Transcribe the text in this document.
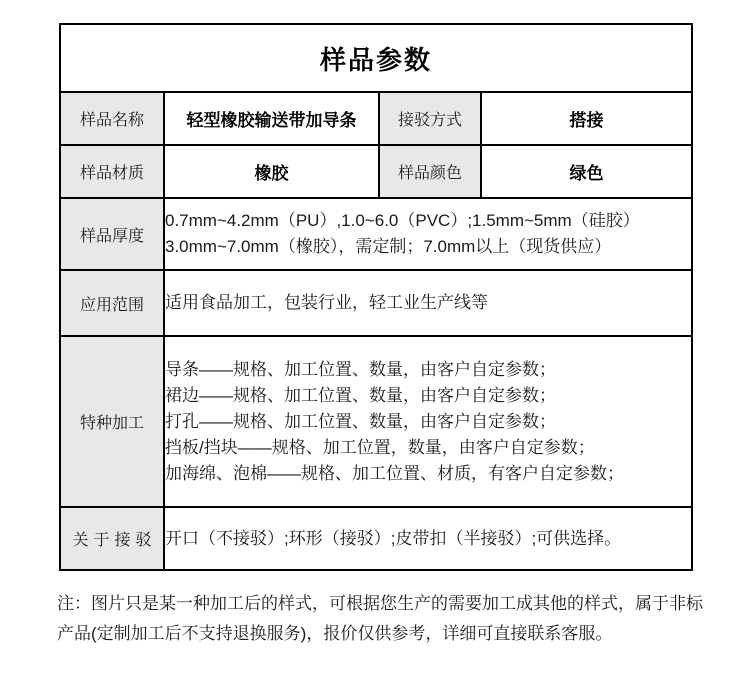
样品参数			
样品名称	轻型橡胶输送带加导条	接驳方式	搭接
样品材质	橡胶	样品颜色	绿色
样品厚度	0.7mm~4.2mm（PU）,1.0~6.0（PVC）;1.5mm~5mm（硅胶）
3.0mm~7.0mm（橡胶），需定制；7.0mm以上（现货供应）		

应用范围	适用食品加工，包装行业，轻工业生产线等		
特种加工	导条——规格、加工位置、数量，由客户自定参数；
裙边——规格、加工位置、数量，由客户自定参数；
打孔——规格、加工位置、数量，由客户自定参数；
挡板/挡块——规格、加工位置，数量，由客户自定参数；
加海绵、泡棉——规格、加工位置、材质，有客户自定参数；		

关于接驳	开口（不接驳）;环形（接驳）;皮带扣（半接驳）;可供选择。		
注：图片只是某一种加工后的样式，可根据您生产的需要加工成其他的样式，属于非标
产品(定制加工后不支持退换服务)，报价仅供参考，详细可直接联系客服。
